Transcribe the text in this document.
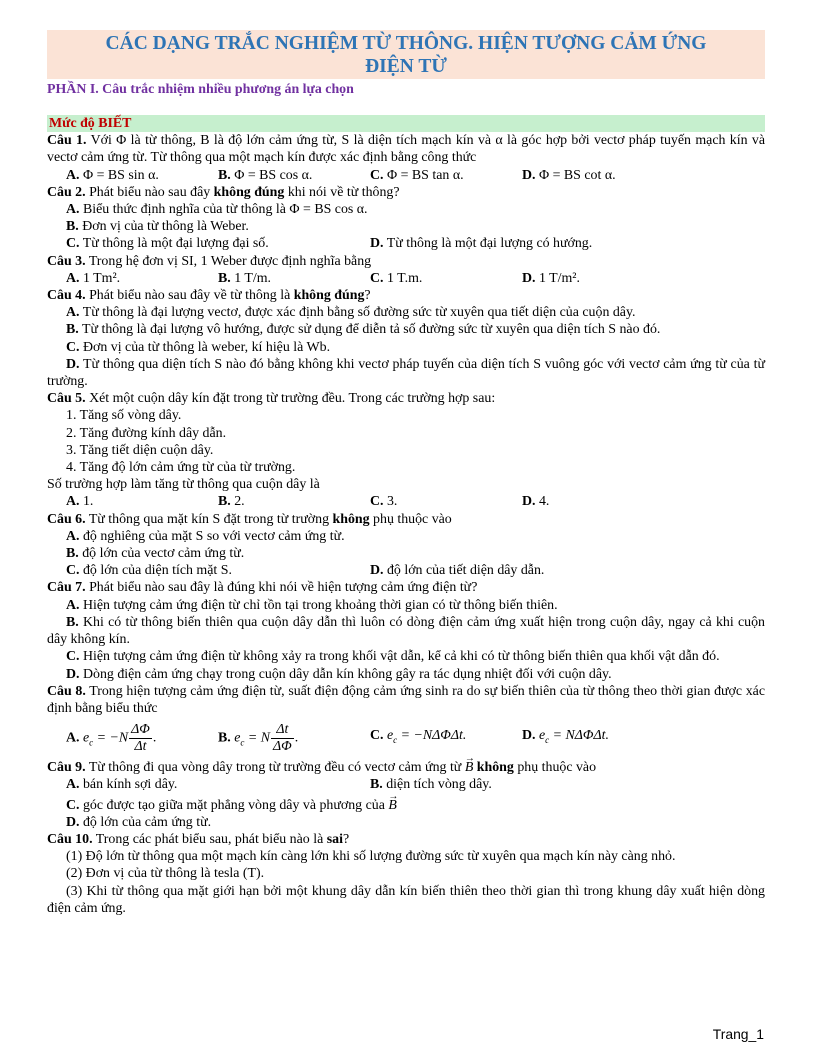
CÁC DẠNG TRẮC NGHIỆM TỪ THÔNG. HIỆN TƯỢNG CẢM ỨNG
ĐIỆN TỪ
PHẦN I. Câu trắc nhiệm nhiều phương án lựa chọn
Mức độ BIẾT

Câu 1. Với Φ là từ thông, B là độ lớn cảm ứng từ, S là diện tích mạch kín và α là góc hợp bởi vectơ pháp tuyến mạch kín và vectơ cảm ứng từ. Từ thông qua một mạch kín được xác định bằng công thức

A. Φ = BS sin α.	B. Φ = BS cos α.	C. Φ = BS tan α.	D. Φ = BS cot α.

Câu 2. Phát biểu nào sau đây không đúng khi nói về từ thông?

A. Biểu thức định nghĩa của từ thông là Φ = BS cos α.
B. Đơn vị của từ thông là Weber.
C. Từ thông là một đại lượng đại số.	D. Từ thông là một đại lượng có hướng.

Câu 3. Trong hệ đơn vị SI, 1 Weber được định nghĩa bằng

A. 1 Tm².	B. 1 T/m.	C. 1 T.m.	D. 1 T/m².

Câu 4. Phát biểu nào sau đây về từ thông là không đúng?

A. Từ thông là đại lượng vectơ, được xác định bằng số đường sức từ xuyên qua tiết diện của cuộn dây.

B. Từ thông là đại lượng vô hướng, được sử dụng để diễn tả số đường sức từ xuyên qua diện tích S nào đó.

C. Đơn vị của từ thông là weber, kí hiệu là Wb.

D. Từ thông qua diện tích S nào đó bằng không khi vectơ pháp tuyến của diện tích S vuông góc với vectơ cảm ứng từ của từ trường.

Câu 5. Xét một cuộn dây kín đặt trong từ trường đều. Trong các trường hợp sau:

1. Tăng số vòng dây.
2. Tăng đường kính dây dẫn.
3. Tăng tiết diện cuộn dây.
4. Tăng độ lớn cảm ứng từ của từ trường.
Số trường hợp làm tăng từ thông qua cuộn dây là
A. 1.	B. 2.	C. 3.	D. 4.

Câu 6. Từ thông qua mặt kín S đặt trong từ trường không phụ thuộc vào

A. độ nghiêng của mặt S so với vectơ cảm ứng từ.
B. độ lớn của vectơ cảm ứng từ.
C. độ lớn của diện tích mặt S.	D. độ lớn của tiết diện dây dẫn.

Câu 7. Phát biểu nào sau đây là đúng khi nói về hiện tượng cảm ứng điện từ?

A. Hiện tượng cảm ứng điện từ chỉ tồn tại trong khoảng thời gian có từ thông biến thiên.

B. Khi có từ thông biến thiên qua cuộn dây dẫn thì luôn có dòng điện cảm ứng xuất hiện trong cuộn dây, ngay cả khi cuộn dây không kín.

C. Hiện tượng cảm ứng điện từ không xảy ra trong khối vật dẫn, kể cả khi có từ thông biến thiên qua khối vật dẫn đó.

D. Dòng điện cảm ứng chạy trong cuộn dây dẫn kín không gây ra tác dụng nhiệt đối với cuộn dây.

Câu 8. Trong hiện tượng cảm ứng điện từ, suất điện động cảm ứng sinh ra do sự biến thiên của từ thông theo thời gian được xác định bằng biểu thức

A. $e_c = -N \frac{\Delta\Phi}{\Delta t}$ .	B. $e_c = N \frac{\Delta t}{\Delta\Phi}$ .	C. $e_c = -N\Delta\Phi\Delta t$.	D. $e_c = N\Delta\Phi\Delta t$.

Câu 9. Từ thông đi qua vòng dây trong từ trường đều có vectơ cảm ứng từ → B không phụ thuộc vào

A. bán kính sợi dây.	B. diện tích vòng dây.
C. góc được tạo giữa mặt phẳng vòng dây và phương của → B
D. độ lớn của cảm ứng từ.

Câu 10. Trong các phát biểu sau, phát biểu nào là sai?

(1) Độ lớn từ thông qua một mạch kín càng lớn khi số lượng đường sức từ xuyên qua mạch kín này càng nhỏ.

(2) Đơn vị của từ thông là tesla (T).

(3) Khi từ thông qua mặt giới hạn bởi một khung dây dẫn kín biến thiên theo thời gian thì trong khung dây xuất hiện dòng điện cảm ứng.

Trang_1
